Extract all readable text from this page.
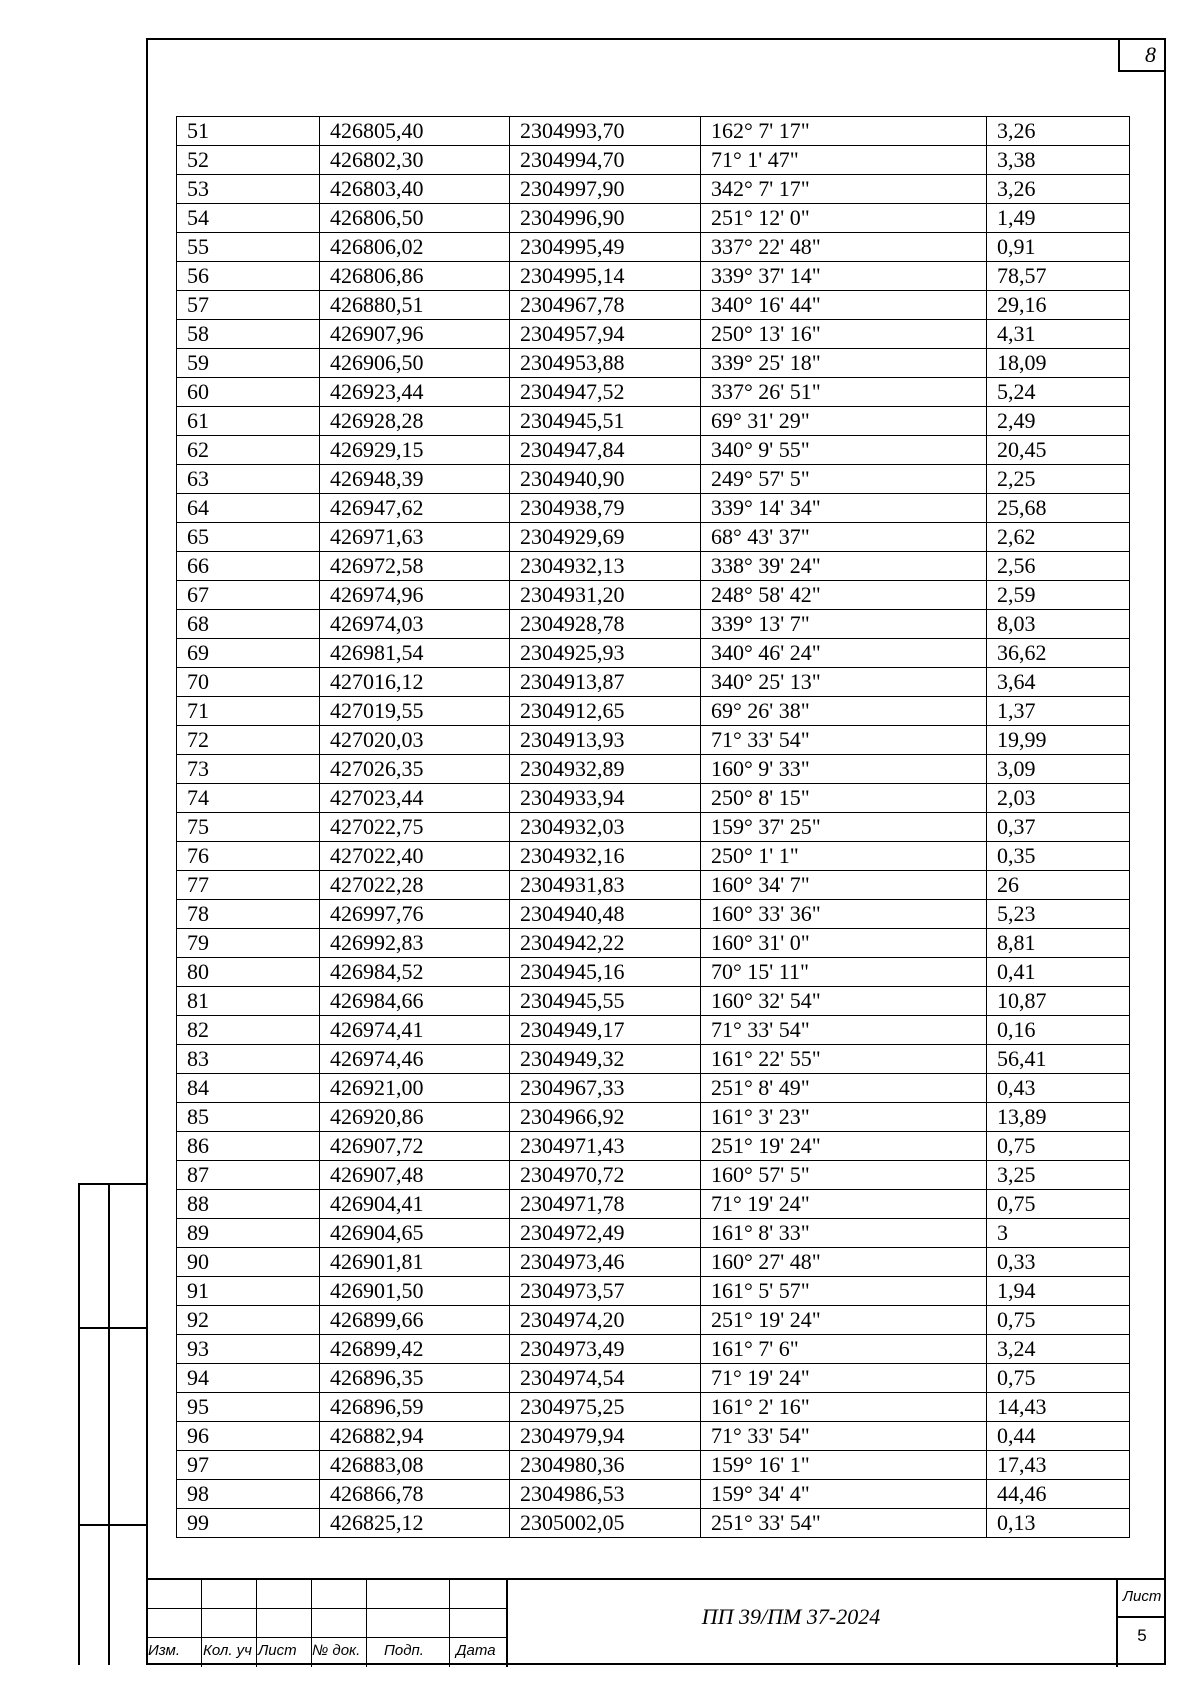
8
51	426805,40	2304993,70	162° 7' 17"	3,26
52	426802,30	2304994,70	71° 1' 47"	3,38
53	426803,40	2304997,90	342° 7' 17"	3,26
54	426806,50	2304996,90	251° 12' 0"	1,49
55	426806,02	2304995,49	337° 22' 48"	0,91
56	426806,86	2304995,14	339° 37' 14"	78,57
57	426880,51	2304967,78	340° 16' 44"	29,16
58	426907,96	2304957,94	250° 13' 16"	4,31
59	426906,50	2304953,88	339° 25' 18"	18,09
60	426923,44	2304947,52	337° 26' 51"	5,24
61	426928,28	2304945,51	69° 31' 29"	2,49
62	426929,15	2304947,84	340° 9' 55"	20,45
63	426948,39	2304940,90	249° 57' 5"	2,25
64	426947,62	2304938,79	339° 14' 34"	25,68
65	426971,63	2304929,69	68° 43' 37"	2,62
66	426972,58	2304932,13	338° 39' 24"	2,56
67	426974,96	2304931,20	248° 58' 42"	2,59
68	426974,03	2304928,78	339° 13' 7"	8,03
69	426981,54	2304925,93	340° 46' 24"	36,62
70	427016,12	2304913,87	340° 25' 13"	3,64
71	427019,55	2304912,65	69° 26' 38"	1,37
72	427020,03	2304913,93	71° 33' 54"	19,99
73	427026,35	2304932,89	160° 9' 33"	3,09
74	427023,44	2304933,94	250° 8' 15"	2,03
75	427022,75	2304932,03	159° 37' 25"	0,37
76	427022,40	2304932,16	250° 1' 1"	0,35
77	427022,28	2304931,83	160° 34' 7"	26
78	426997,76	2304940,48	160° 33' 36"	5,23
79	426992,83	2304942,22	160° 31' 0"	8,81
80	426984,52	2304945,16	70° 15' 11"	0,41
81	426984,66	2304945,55	160° 32' 54"	10,87
82	426974,41	2304949,17	71° 33' 54"	0,16
83	426974,46	2304949,32	161° 22' 55"	56,41
84	426921,00	2304967,33	251° 8' 49"	0,43
85	426920,86	2304966,92	161° 3' 23"	13,89
86	426907,72	2304971,43	251° 19' 24"	0,75
87	426907,48	2304970,72	160° 57' 5"	3,25
88	426904,41	2304971,78	71° 19' 24"	0,75
89	426904,65	2304972,49	161° 8' 33"	3
90	426901,81	2304973,46	160° 27' 48"	0,33
91	426901,50	2304973,57	161° 5' 57"	1,94
92	426899,66	2304974,20	251° 19' 24"	0,75
93	426899,42	2304973,49	161° 7' 6"	3,24
94	426896,35	2304974,54	71° 19' 24"	0,75
95	426896,59	2304975,25	161° 2' 16"	14,43
96	426882,94	2304979,94	71° 33' 54"	0,44
97	426883,08	2304980,36	159° 16' 1"	17,43
98	426866,78	2304986,53	159° 34' 4"	44,46
99	426825,12	2305002,05	251° 33' 54"	0,13
Изм. Кол. уч Лист № док. Подп. Дата
ПП 39/ПМ 37-2024
Лист
5
